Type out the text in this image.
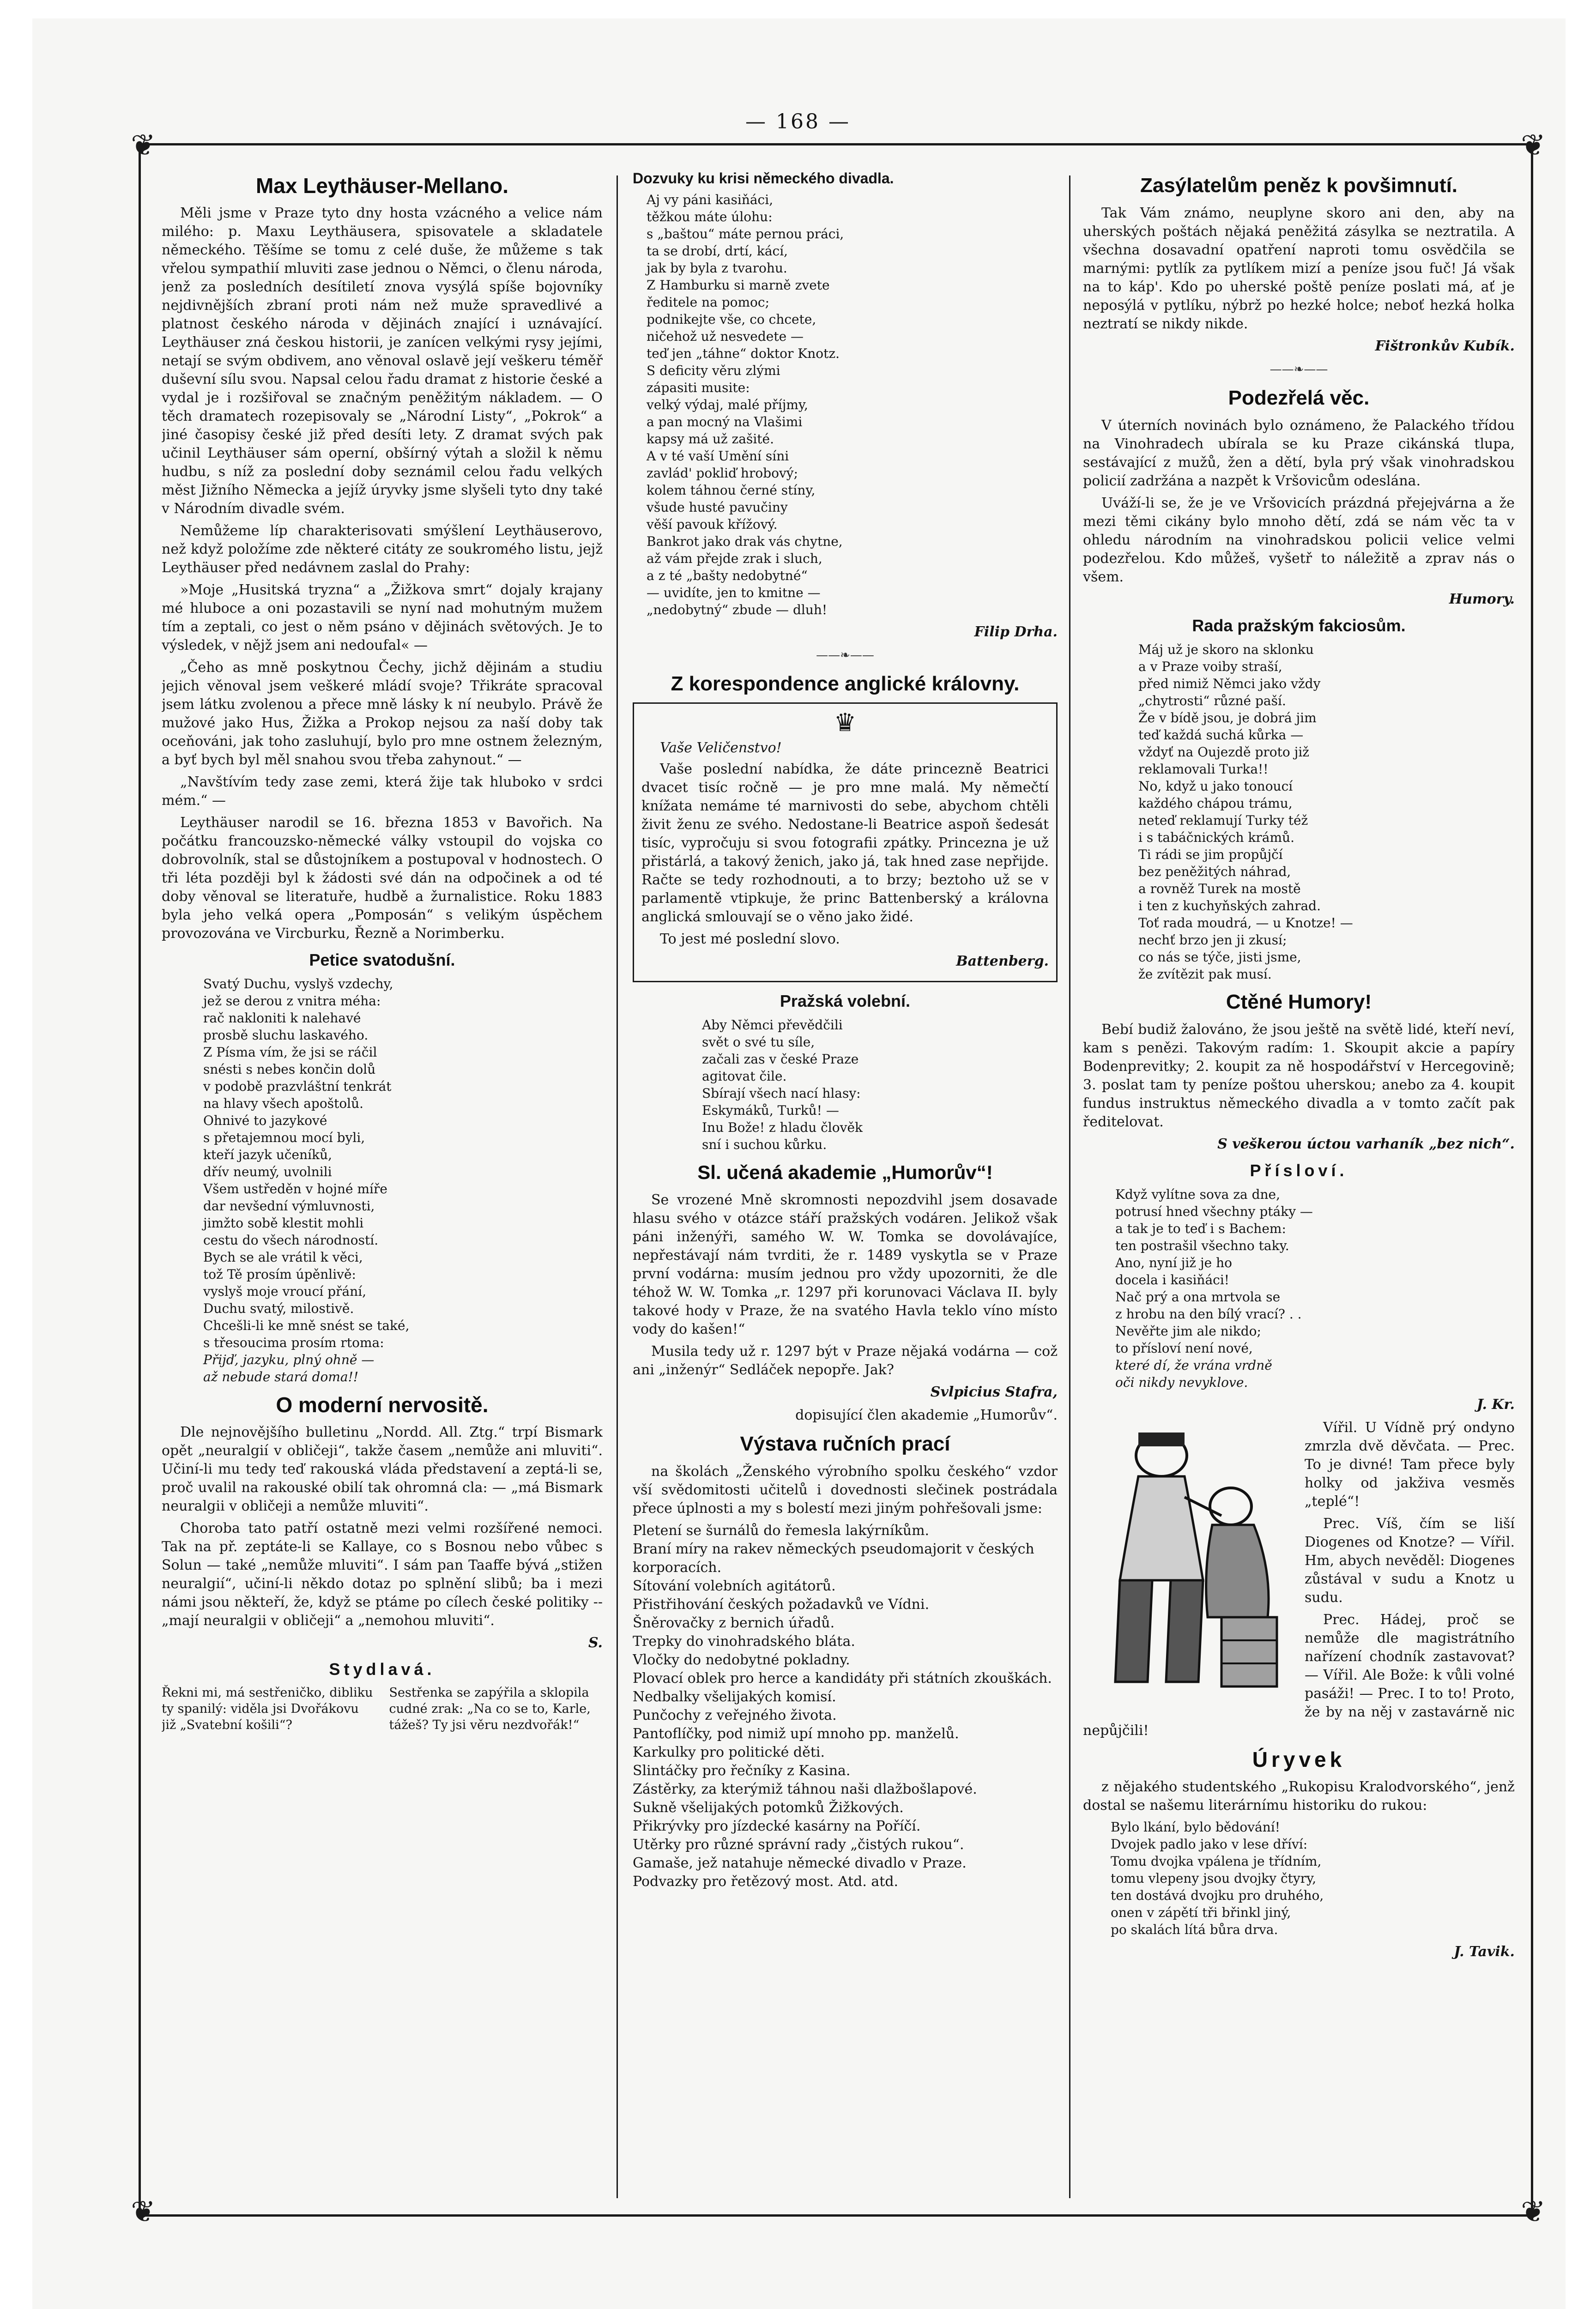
— 168 —
❦	❦
❦	❦
Max Leythäuser-Mellano.

Měli jsme v Praze tyto dny hosta vzácného a velice nám milého: p. Maxu Leythäusera, spisovatele a skladatele německého. Těšíme se tomu z celé duše, že můžeme s tak vřelou sympathií mluviti zase jednou o Němci, o členu národa, jenž za posledních desítiletí znova vysýlá spíše bojovníky nejdivnějších zbraní proti nám než muže spravedlivé a platnost českého národa v dějinách znající i uznávající. Leythäuser zná českou historii, je zanícen velkými rysy jejími, netají se svým obdivem, ano věnoval oslavě její veškeru téměř duševní sílu svou. Napsal celou řadu dramat z historie české a vydal je i rozšiřoval se značným peněžitým nákladem. — O těch dramatech rozepisovaly se „Národní Listy“, „Pokrok“ a jiné časopisy české již před desíti lety. Z dramat svých pak učinil Leythäuser sám operní, obšírný výtah a složil k němu hudbu, s níž za poslední doby seznámil celou řadu velkých měst Jižního Německa a jejíž úryvky jsme slyšeli tyto dny také v Národním divadle svém.

Nemůžeme líp charakterisovati smýšlení Leythäuserovo, než když položíme zde některé citáty ze soukromého listu, jejž Leythäuser před nedávnem zaslal do Prahy:

»Moje „Husitská tryzna“ a „Žižkova smrt“ dojaly krajany mé hluboce a oni pozastavili se nyní nad mohutným mužem tím a zeptali, co jest o něm psáno v dějinách světových. Je to výsledek, v nějž jsem ani nedoufal« —

„Čeho as mně poskytnou Čechy, jichž dějinám a studiu jejich věnoval jsem veškeré mládí svoje? Třikráte spracoval jsem látku zvolenou a přece mně lásky k ní neubylo. Právě že mužové jako Hus, Žižka a Prokop nejsou za naší doby tak oceňováni, jak toho zasluhují, bylo pro mne ostnem železným, a byť bych byl měl snahou svou třeba zahynout.“ —

„Navštívím tedy zase zemi, která žije tak hluboko v srdci mém.“ —

Leythäuser narodil se 16. března 1853 v Bavořich. Na počátku francouzsko-německé války vstoupil do vojska co dobrovolník, stal se důstojníkem a postupoval v hodnostech. O tři léta později byl k žádosti své dán na odpočinek a od té doby věnoval se literatuře, hudbě a žurnalistice. Roku 1883 byla jeho velká opera „Pomposán“ s velikým úspěchem provozována ve Vircburku, Řezně a Norimberku.

Petice svatodušní.
Svatý Duchu, vyslyš vzdechy,
jež se derou z vnitra méha:
rač nakloniti k nalehavé
prosbě sluchu laskavého.
Z Písma vím, že jsi se ráčil
snésti s nebes končin dolů
v podobě prazvláštní tenkrát
na hlavy všech apoštolů.
Ohnivé to jazykové
s přetajemnou mocí byli,
kteří jazyk učeníků,
dřív neumý, uvolnili
Všem ustředěn v hojné míře
dar nevšední výmluvnosti,
jimžto sobě klestit mohli
cestu do všech národností.
Bych se ale vrátil k věci,
tož Tě prosím úpěnlivě:
vyslyš moje vroucí přání,
Duchu svatý, milostivě.
Chcešli-li ke mně snést se také,
s třesoucima prosím rtoma:
Přijď, jazyku, plný ohně —
až nebude stará doma!!
O moderní nervositě.

Dle nejnovějšího bulletinu „Nordd. All. Ztg.“ trpí Bismark opět „neuralgií v obličeji“, takže časem „nemůže ani mluviti“. Učiní-li mu tedy teď rakouská vláda představení a zeptá-li se, proč uvalil na rakouské obilí tak ohromná cla: — „má Bismark neuralgii v obličeji a nemůže mluviti“.

Choroba tato patří ostatně mezi velmi rozšířené nemoci. Tak na př. zeptáte-li se Kallaye, co s Bosnou nebo vůbec s Solun — také „nemůže mluviti“. I sám pan Taaffe bývá „stižen neuralgií“, učiní-li někdo dotaz po splnění slibů; ba i mezi námi jsou někteří, že, když se ptáme po cílech české politiky -- „mají neuralgii v obličeji“ a „nemohou mluviti“.

S.
Stydlavá.
Řekni mi, má sestřeničko, dibliku ty spanilý: viděla jsi Dvořákovu již „Svatební košili“?
Sestřenka se zapýřila a sklopila cudné zrak: „Na co se to, Karle, tážeš? Ty jsi věru nezdvořák!“
Dozvuky ku krisi německého divadla.
Aj vy páni kasiňáci,
těžkou máte úlohu:
s „baštou“ máte pernou práci,
ta se drobí, drtí, kácí,
jak by byla z tvarohu.
Z Hamburku si marně zvete
ředitele na pomoc;
podnikejte vše, co chcete,
ničehož už nesvedete —
teď jen „táhne“ doktor Knotz.
S deficity věru zlými
zápasiti musite:
velký výdaj, malé příjmy,
a pan mocný na Vlašimi
kapsy má už zašité.
A v té vaší Umění síni
zavlád' pokliď hrobový;
kolem táhnou černé stíny,
všude husté pavučiny
věší pavouk křížový.
Bankrot jako drak vás chytne,
až vám přejde zrak i sluch,
a z té „bašty nedobytné“
— uvidíte, jen to kmitne —
„nedobytný“ zbude — dluh!
Filip Drha.
——❧——
Z korespondence anglické královny.
♛
Vaše Veličenstvo!

Vaše poslední nabídka, že dáte princezně Beatrici dvacet tisíc ročně — je pro mne malá. My němečtí knížata nemáme té marnivosti do sebe, abychom chtěli živit ženu ze svého. Nedostane-li Beatrice aspoň šedesát tisíc, vypročuju si svou fotografii zpátky. Princezna je už přistárlá, a takový ženich, jako já, tak hned zase nepřijde. Račte se tedy rozhodnouti, a to brzy; beztoho už se v parlamentě vtipkuje, že princ Battenberský a královna anglická smlouvají se o věno jako židé.

To jest mé poslední slovo.

Battenberg.
Pražská volební.
Aby Němci převědčili
svět o své tu síle,
začali zas v české Praze
agitovat čile.
Sbírají všech nací hlasy:
Eskymáků, Turků! —
Inu Bože! z hladu člověk
sní i suchou kůrku.
Sl. učená akademie „Humorův“!

Se vrozené Mně skromnosti nepozdvihl jsem dosavade hlasu svého v otázce stáří pražských vodáren. Jelikož však páni inženýři, samého W. W. Tomka se dovolávajíce, nepřestávají nám tvrditi, že r. 1489 vyskytla se v Praze první vodárna: musím jednou pro vždy upozorniti, že dle téhož W. W. Tomka „r. 1297 při korunovaci Václava II. byly takové hody v Praze, že na svatého Havla teklo víno místo vody do kašen!“

Musila tedy už r. 1297 být v Praze nějaká vodárna — což ani „inženýr“ Sedláček nepopře. Jak?

Svlpicius Stafra,
dopisující člen akademie „Humorův“.
Výstava ručních prací

na školách „Ženského výrobního spolku českého“ vzdor vší svědomitosti učitelů i dovednosti slečinek postrádala přece úplnosti a my s bolestí mezi jiným pohřešovali jsme:

Pletení se šurnálů do řemesla lakýrníkům.
Braní míry na rakev německých pseudomajorit v českých korporacích.
Sítování volebních agitátorů.
Přistřihování českých požadavků ve Vídni.
Šněrovačky z bernich úřadů.
Trepky do vinohradského bláta.
Vločky do nedobytné pokladny.
Plovací oblek pro herce a kandidáty při státních zkouškách.
Nedbalky všelijakých komisí.
Punčochy z veřejného života.
Pantoflíčky, pod nimiž upí mnoho pp. manželů.
Karkulky pro politické děti.
Slintáčky pro řečníky z Kasina.
Zástěrky, za kterýmiž táhnou naši dlažbošlapové.
Sukně všelijakých potomků Žižkových.
Přikrývky pro jízdecké kasárny na Poříčí.
Utěrky pro různé správní rady „čistých rukou“.
Gamaše, jež natahuje německé divadlo v Praze.
Podvazky pro řetězový most. Atd. atd.
Zasýlatelům peněz k povšimnutí.

Tak Vám známo, neuplyne skoro ani den, aby na uherských poštách nějaká peněžitá zásylka se neztratila. A všechna dosavadní opatření naproti tomu osvědčila se marnými: pytlík za pytlíkem mizí a peníze jsou fuč! Já však na to káp'. Kdo po uherské poště peníze poslati má, ať je neposýlá v pytlíku, nýbrž po hezké holce; neboť hezká holka neztratí se nikdy nikde.

Fištronkův Kubík.
——❧——
Podezřelá věc.

V úterních novinách bylo oznámeno, že Palackého třídou na Vinohradech ubírala se ku Praze cikánská tlupa, sestávající z mužů, žen a dětí, byla prý však vinohradskou policií zadržána a nazpět k Vršovicům odeslána.

Uváží-li se, že je ve Vršovicích prázdná přejejvárna a že mezi těmi cikány bylo mnoho dětí, zdá se nám věc ta v ohledu národním na vinohradskou policii velice velmi podezřelou. Kdo můžeš, vyšetř to náležitě a zprav nás o všem.

Humory.
Rada pražským fakciosům.
Máj už je skoro na sklonku
a v Praze voiby straší,
před nimiž Němci jako vždy
„chytrosti“ různé paší.
Že v bídě jsou, je dobrá jim
teď každá suchá kůrka —
vždyť na Oujezdě proto již
reklamovali Turka!!
No, když u jako tonoucí
každého chápou trámu,
neteď reklamují Turky též
i s tabáčnických krámů.
Ti rádi se jim propůjčí
bez peněžitých náhrad,
a rovněž Turek na mostě
i ten z kuchyňských zahrad.
Toť rada moudrá, — u Knotze! —
nechť brzo jen ji zkusí;
co nás se týče, jisti jsme,
že zvítězit pak musí.
Ctěné Humory!

Bebí budiž žalováno, že jsou ještě na světě lidé, kteří neví, kam s penězi. Takovým radím: 1. Skoupit akcie a papíry Bodenprevitky; 2. koupit za ně hospodářství v Hercegovině; 3. poslat tam ty peníze poštou uherskou; anebo za 4. koupit fundus instruktus německého divadla a v tomto začít pak ředitelovat.

S veškerou úctou varhaník „bez nich“.
Přísloví.
Když vylítne sova za dne,
potrusí hned všechny ptáky —
a tak je to teď i s Bachem:
ten postrašil všechno taky.
Ano, nyní již je ho
docela i kasiňáci!
Nač prý a ona mrtvola se
z hrobu na den bílý vrací? . .
Nevěřte jim ale nikdo;
to přísloví není nové,
které dí, že vrána vrdně
oči nikdy nevyklove.
J. Kr.

Vířil. U Vídně prý ondyno zmrzla dvě děvčata. — Prec. To je divné! Tam přece byly holky od jakživa vesměs „teplé“!

Prec. Víš, čím se liší Diogenes od Knotze? — Vířil. Hm, abych nevěděl: Diogenes zůstával v sudu a Knotz u sudu.

Prec. Hádej, proč se nemůže dle magistrátního nařízení chodník zastavovat? — Vířil. Ale Bože: k vůli volné pasáži! — Prec. I to to! Proto, že by na něj v zastavárně nic nepůjčili!

Úryvek

z nějakého studentského „Rukopisu Kralodvorského“, jenž dostal se našemu literárnímu historiku do rukou:

Bylo lkání, bylo bědování!
Dvojek padlo jako v lese dříví:
Tomu dvojka vpálena je třídním,
tomu vlepeny jsou dvojky čtyry,
ten dostává dvojku pro druhého,
onen v zápětí tři břinkl jiný,
po skalách lítá bůra drva.
J. Tavik.
